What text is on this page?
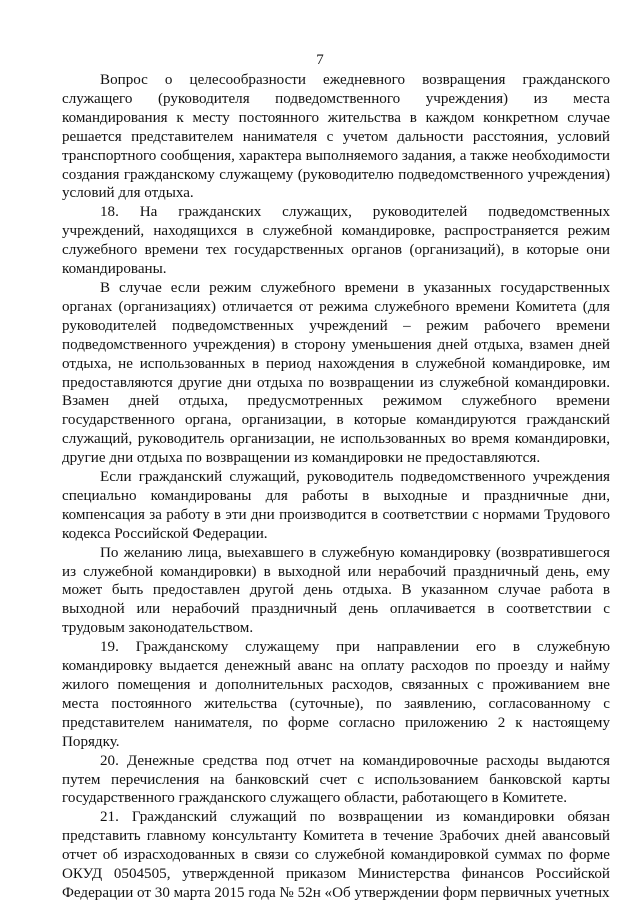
7

Вопрос о целесообразности ежедневного возвращения гражданского служащего (руководителя подведомственного учреждения) из места командирования к месту постоянного жительства в каждом конкретном случае решается представителем нанимателя с учетом дальности расстояния, условий транспортного сообщения, характера выполняемого задания, а также необходимости создания гражданскому служащему (руководителю подведомственного учреждения) условий для отдыха.

18. На гражданских служащих, руководителей подведомственных учреждений, находящихся в служебной командировке, распространяется режим служебного времени тех государственных органов (организаций), в которые они командированы.

В случае если режим служебного времени в указанных государственных органах (организациях) отличается от режима служебного времени Комитета (для руководителей подведомственных учреждений – режим рабочего времени подведомственного учреждения) в сторону уменьшения дней отдыха, взамен дней отдыха, не использованных в период нахождения в служебной командировке, им предоставляются другие дни отдыха по возвращении из служебной командировки. Взамен дней отдыха, предусмотренных режимом служебного времени государственного органа, организации, в которые командируются гражданский служащий, руководитель организации, не использованных во время командировки, другие дни отдыха по возвращении из командировки не предоставляются.

Если гражданский служащий, руководитель подведомственного учреждения специально командированы для работы в выходные и праздничные дни, компенсация за работу в эти дни производится в соответствии с нормами Трудового кодекса Российской Федерации.

По желанию лица, выехавшего в служебную командировку (возвратившегося из служебной командировки) в выходной или нерабочий праздничный день, ему может быть предоставлен другой день отдыха. В указанном случае работа в выходной или нерабочий праздничный день оплачивается в соответствии с трудовым законодательством.

19. Гражданскому служащему при направлении его в служебную командировку выдается денежный аванс на оплату расходов по проезду и найму жилого помещения и дополнительных расходов, связанных с проживанием вне места постоянного жительства (суточные), по заявлению, согласованному с представителем нанимателя, по форме согласно приложению 2 к настоящему Порядку.

20. Денежные средства под отчет на командировочные расходы выдаются путем перечисления на банковский счет с использованием банковской карты государственного гражданского служащего области, работающего в Комитете.

21. Гражданский служащий по возвращении из командировки обязан представить главному консультанту Комитета в течение 3рабочих дней авансовый отчет об израсходованных в связи со служебной командировкой суммах по форме ОКУД 0504505, утвержденной приказом Министерства финансов Российской Федерации от 30 марта 2015 года № 52н «Об утверждении форм первичных учетных
